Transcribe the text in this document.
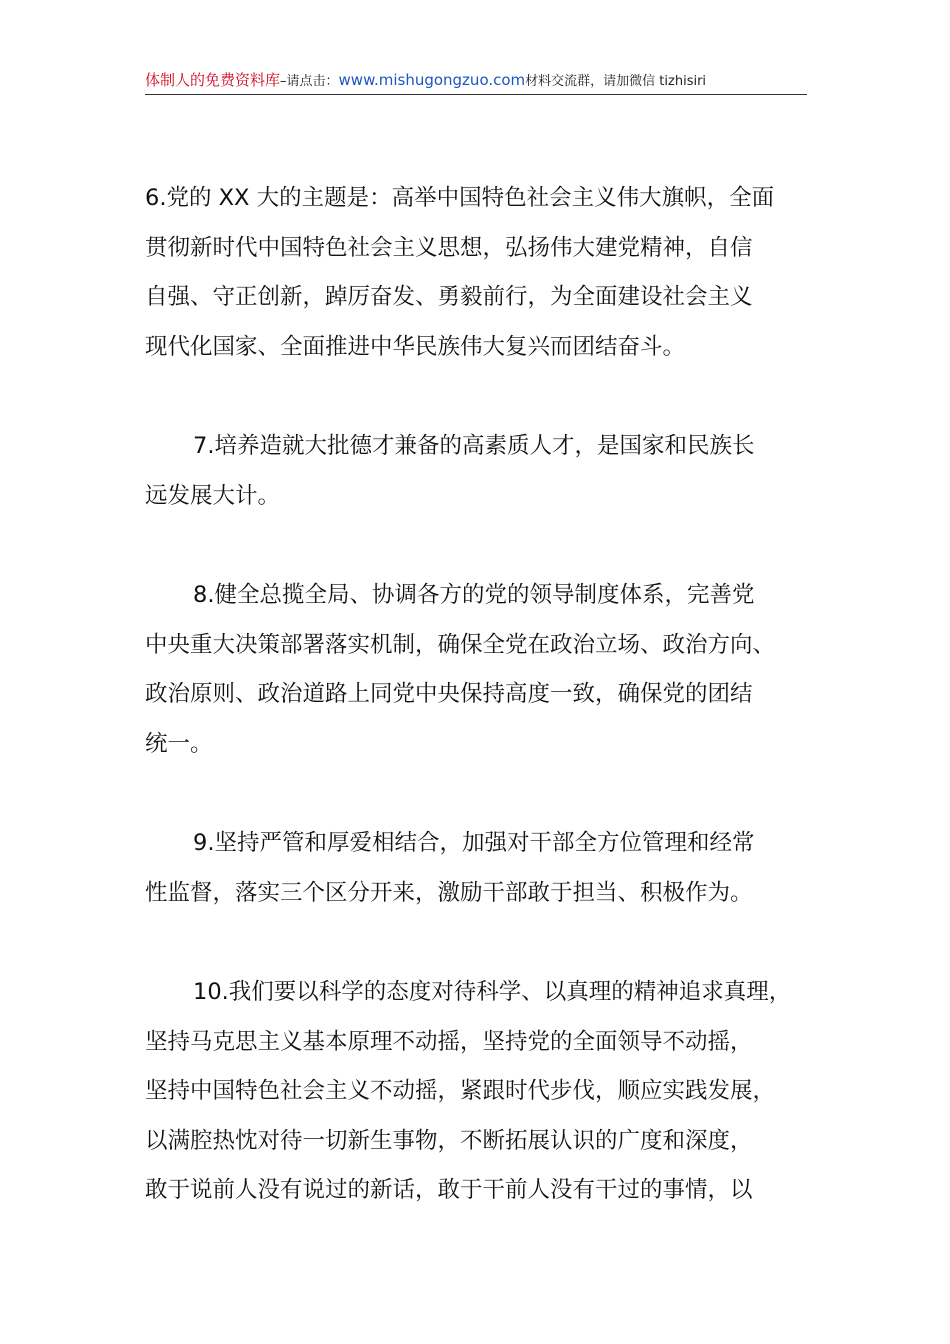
体制人的免费资料库–请点击：www.mishugongzuo.com材料交流群，请加微信 tizhisiri

6.党的 XX 大的主题是：高举中国特色社会主义伟大旗帜，全面
贯彻新时代中国特色社会主义思想，弘扬伟大建党精神，自信
自强、守正创新，踔厉奋发、勇毅前行，为全面建设社会主义
现代化国家、全面推进中华民族伟大复兴而团结奋斗。

7.培养造就大批德才兼备的高素质人才，是国家和民族长
远发展大计。

8.健全总揽全局、协调各方的党的领导制度体系，完善党
中央重大决策部署落实机制，确保全党在政治立场、政治方向、
政治原则、政治道路上同党中央保持高度一致，确保党的团结
统一。

9.坚持严管和厚爱相结合，加强对干部全方位管理和经常
性监督，落实三个区分开来，激励干部敢于担当、积极作为。

10.我们要以科学的态度对待科学、以真理的精神追求真理，
坚持马克思主义基本原理不动摇，坚持党的全面领导不动摇，
坚持中国特色社会主义不动摇，紧跟时代步伐，顺应实践发展，
以满腔热忱对待一切新生事物，不断拓展认识的广度和深度，
敢于说前人没有说过的新话，敢于干前人没有干过的事情，以
